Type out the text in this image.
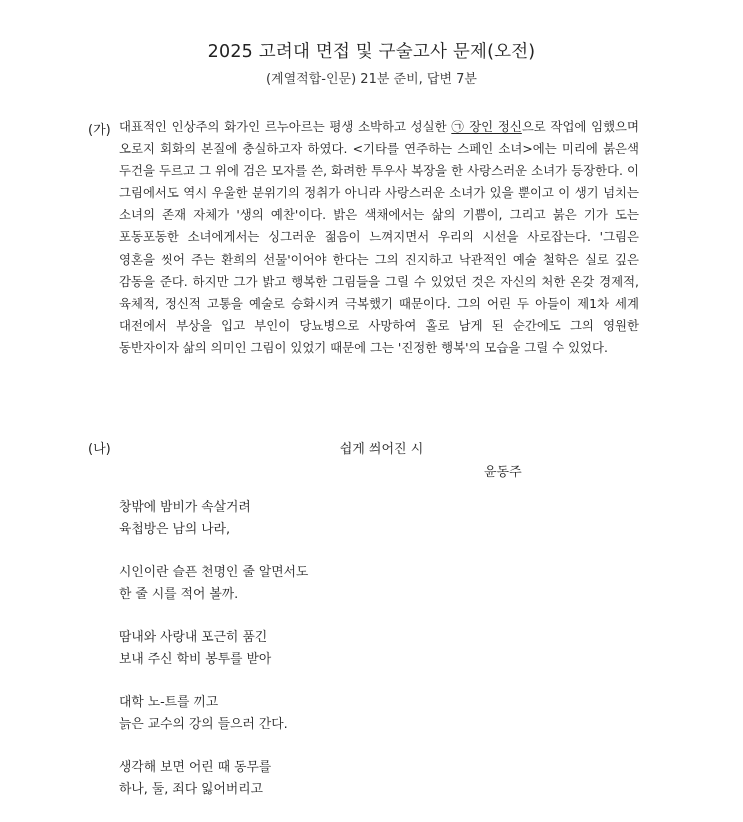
2025 고려대 면접 및 구술고사 문제(오전)
(계열적합-인문) 21분 준비, 답변 7분
(가) 대표적인 인상주의 화가인 르누아르는 평생 소박하고 성실한 ㉠ 장인 정신으로 작업에 임했으며 오로지 회화의 본질에 충실하고자 하였다. <기타를 연주하는 스페인 소녀>에는 미리에 붉은색 두건을 두르고 그 위에 검은 모자를 쓴, 화려한 투우사 복장을 한 사랑스러운 소녀가 등장한다. 이 그림에서도 역시 우울한 분위기의 정취가 아니라 사랑스러운 소녀가 있을 뿐이고 이 생기 넘치는 소녀의 존재 자체가 '생의 예찬'이다. 밝은 색채에서는 삶의 기쁨이, 그리고 붉은 기가 도는 포동포동한 소녀에게서는 싱그러운 젊음이 느껴지면서 우리의 시선을 사로잡는다. '그림은 영혼을 씻어 주는 환희의 선물'이어야 한다는 그의 진지하고 낙관적인 예술 철학은 실로 깊은 감동을 준다. 하지만 그가 밝고 행복한 그림들을 그릴 수 있었던 것은 자신의 처한 온갖 경제적, 육체적, 정신적 고통을 예술로 승화시켜 극복했기 때문이다. 그의 어린 두 아들이 제1차 세계 대전에서 부상을 입고 부인이 당뇨병으로 사망하여 홀로 남게 된 순간에도 그의 영원한 동반자이자 삶의 의미인 그림이 있었기 때문에 그는 '진정한 행복'의 모습을 그릴 수 있었다.
(나)	쉽게 씌어진 시
윤동주
창밖에 밤비가 속살거려
육첩방은 남의 나라,
시인이란 슬픈 천명인 줄 알면서도
한 줄 시를 적어 볼까.
땀내와 사랑내 포근히 품긴
보내 주신 학비 봉투를 받아
대학 노-트를 끼고
늙은 교수의 강의 들으러 간다.
생각해 보면 어린 때 동무를
하나, 둘, 죄다 잃어버리고
